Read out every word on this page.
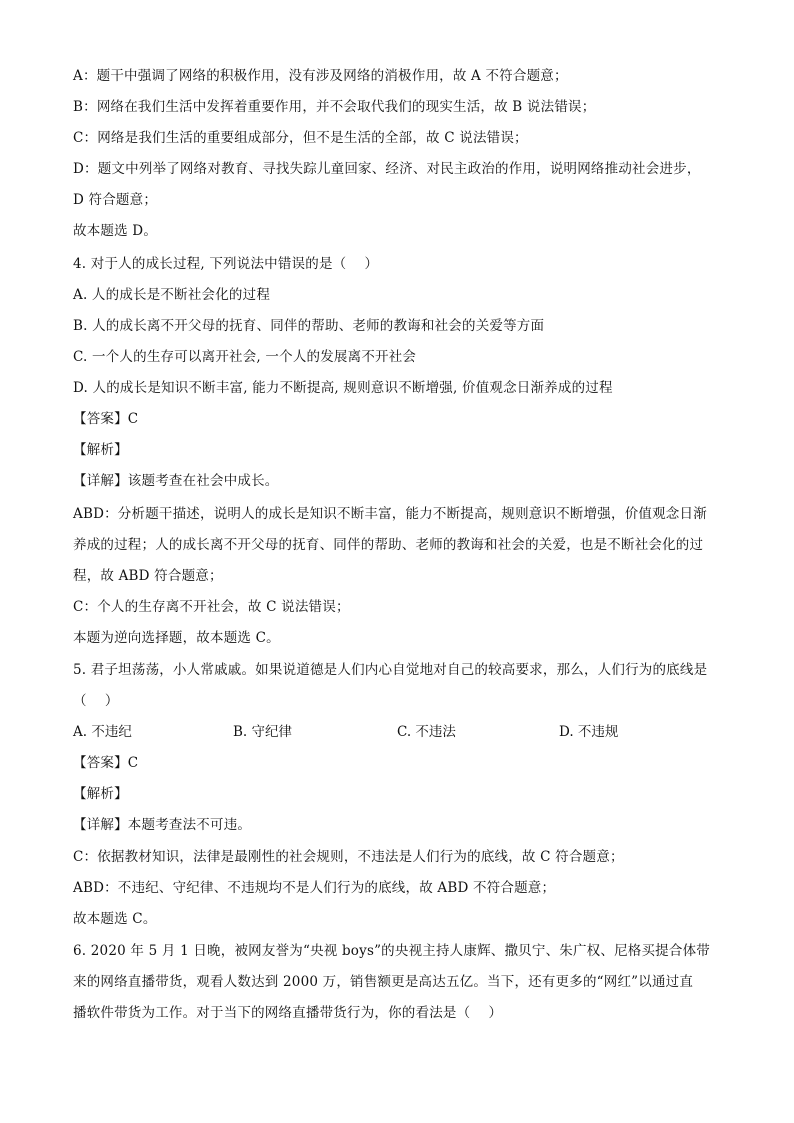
A：题干中强调了网络的积极作用，没有涉及网络的消极作用，故 A 不符合题意；
B：网络在我们生活中发挥着重要作用，并不会取代我们的现实生活，故 B 说法错误；
C：网络是我们生活的重要组成部分，但不是生活的全部，故 C 说法错误；
D：题文中列举了网络对教育、寻找失踪儿童回家、经济、对民主政治的作用，说明网络推动社会进步，
D 符合题意；
故本题选 D。
4. 对于人的成长过程, 下列说法中错误的是（　 ）
A. 人的成长是不断社会化的过程
B. 人的成长离不开父母的抚育、同伴的帮助、老师的教诲和社会的关爱等方面
C. 一个人的生存可以离开社会, 一个人的发展离不开社会
D. 人的成长是知识不断丰富, 能力不断提高, 规则意识不断增强, 价值观念日渐养成的过程
【答案】C
【解析】
【详解】该题考查在社会中成长。
ABD：分析题干描述，说明人的成长是知识不断丰富，能力不断提高，规则意识不断增强，价值观念日渐
养成的过程；人的成长离不开父母的抚育、同伴的帮助、老师的教诲和社会的关爱，也是不断社会化的过
程，故 ABD 符合题意；
C：个人的生存离不开社会，故 C 说法错误；
本题为逆向选择题，故本题选 C。
5. 君子坦荡荡，小人常戚戚。如果说道德是人们内心自觉地对自己的较高要求，那么，人们行为的底线是
（　 ）
A. 不违纪	B. 守纪律	C. 不违法	D. 不违规
【答案】C
【解析】
【详解】本题考查法不可违。
C：依据教材知识，法律是最刚性的社会规则，不违法是人们行为的底线，故 C 符合题意；
ABD：不违纪、守纪律、不违规均不是人们行为的底线，故 ABD 不符合题意；
故本题选 C。
6. 2020 年 5 月 1 日晚，被网友誉为“央视 boys”的央视主持人康辉、撒贝宁、朱广权、尼格买提合体带
来的网络直播带货，观看人数达到 2000 万，销售额更是高达五亿。当下，还有更多的“网红”以通过直
播软件带货为工作。对于当下的网络直播带货行为，你的看法是（　 ）
